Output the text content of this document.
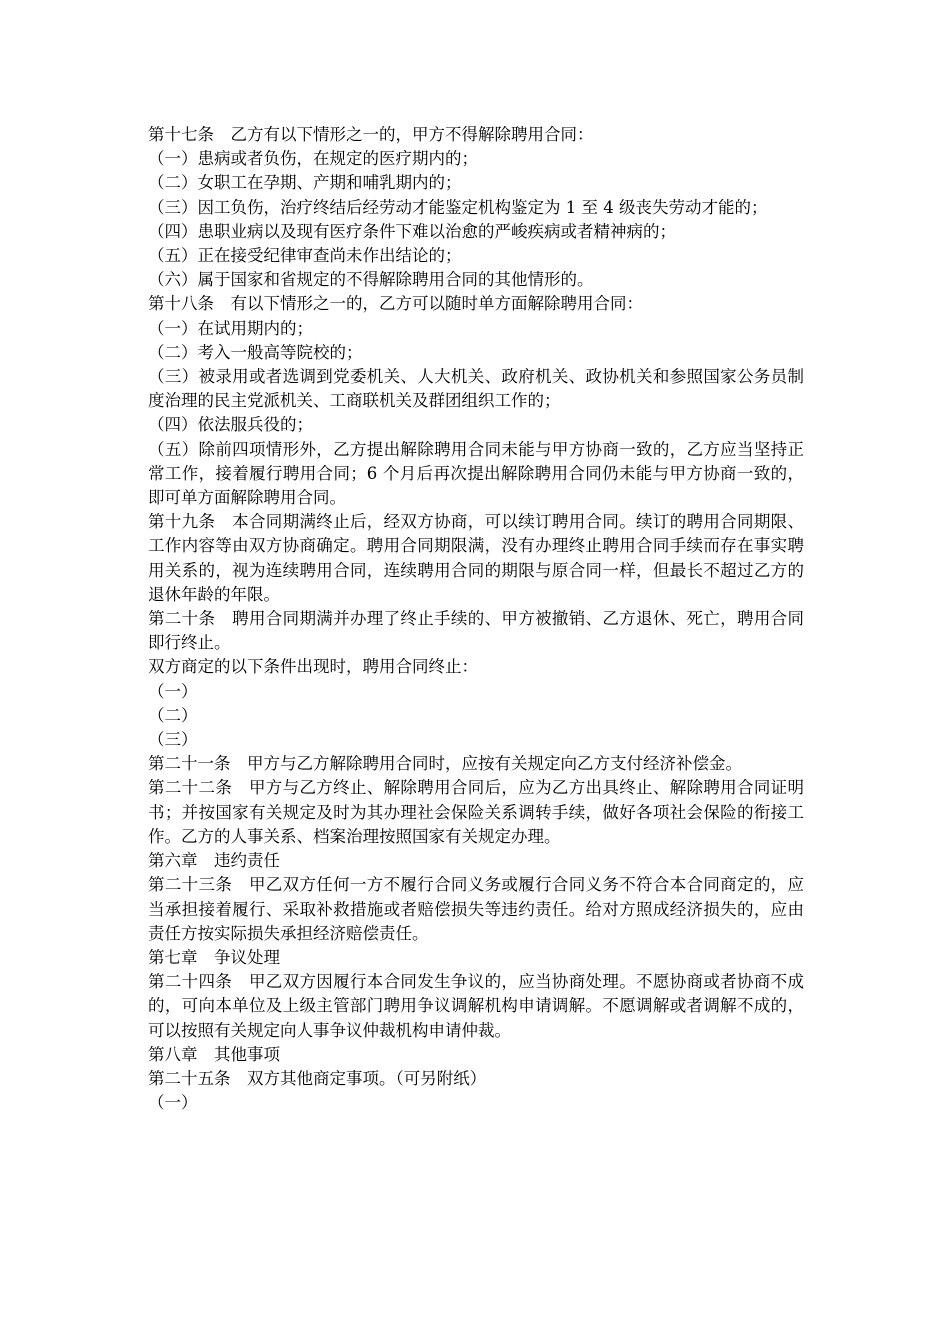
第十七条　乙方有以下情形之一的，甲方不得解除聘用合同：

（一）患病或者负伤，在规定的医疗期内的；

（二）女职工在孕期、产期和哺乳期内的；

（三）因工负伤，治疗终结后经劳动才能鉴定机构鉴定为 1 至 4 级丧失劳动才能的；

（四）患职业病以及现有医疗条件下难以治愈的严峻疾病或者精神病的；

（五）正在接受纪律审查尚未作出结论的；

（六）属于国家和省规定的不得解除聘用合同的其他情形的。

第十八条　有以下情形之一的，乙方可以随时单方面解除聘用合同：

（一）在试用期内的；

（二）考入一般高等院校的；

（三）被录用或者选调到党委机关、人大机关、政府机关、政协机关和参照国家公务员制度治理的民主党派机关、工商联机关及群团组织工作的；

（四）依法服兵役的；

（五）除前四项情形外，乙方提出解除聘用合同未能与甲方协商一致的，乙方应当坚持正常工作，接着履行聘用合同；6 个月后再次提出解除聘用合同仍未能与甲方协商一致的，即可单方面解除聘用合同。

第十九条　本合同期满终止后，经双方协商，可以续订聘用合同。续订的聘用合同期限、工作内容等由双方协商确定。聘用合同期限满，没有办理终止聘用合同手续而存在事实聘用关系的，视为连续聘用合同，连续聘用合同的期限与原合同一样，但最长不超过乙方的退休年龄的年限。

第二十条　聘用合同期满并办理了终止手续的、甲方被撤销、乙方退休、死亡，聘用合同即行终止。

双方商定的以下条件出现时，聘用合同终止：

（一）

（二）

（三）

第二十一条　甲方与乙方解除聘用合同时，应按有关规定向乙方支付经济补偿金。

第二十二条　甲方与乙方终止、解除聘用合同后，应为乙方出具终止、解除聘用合同证明书；并按国家有关规定及时为其办理社会保险关系调转手续，做好各项社会保险的衔接工作。乙方的人事关系、档案治理按照国家有关规定办理。

第六章　违约责任

第二十三条　甲乙双方任何一方不履行合同义务或履行合同义务不符合本合同商定的，应当承担接着履行、采取补救措施或者赔偿损失等违约责任。给对方照成经济损失的，应由责任方按实际损失承担经济赔偿责任。

第七章　争议处理

第二十四条　甲乙双方因履行本合同发生争议的，应当协商处理。不愿协商或者协商不成的，可向本单位及上级主管部门聘用争议调解机构申请调解。不愿调解或者调解不成的，可以按照有关规定向人事争议仲裁机构申请仲裁。

第八章　其他事项

第二十五条　双方其他商定事项。（可另附纸）

（一）
